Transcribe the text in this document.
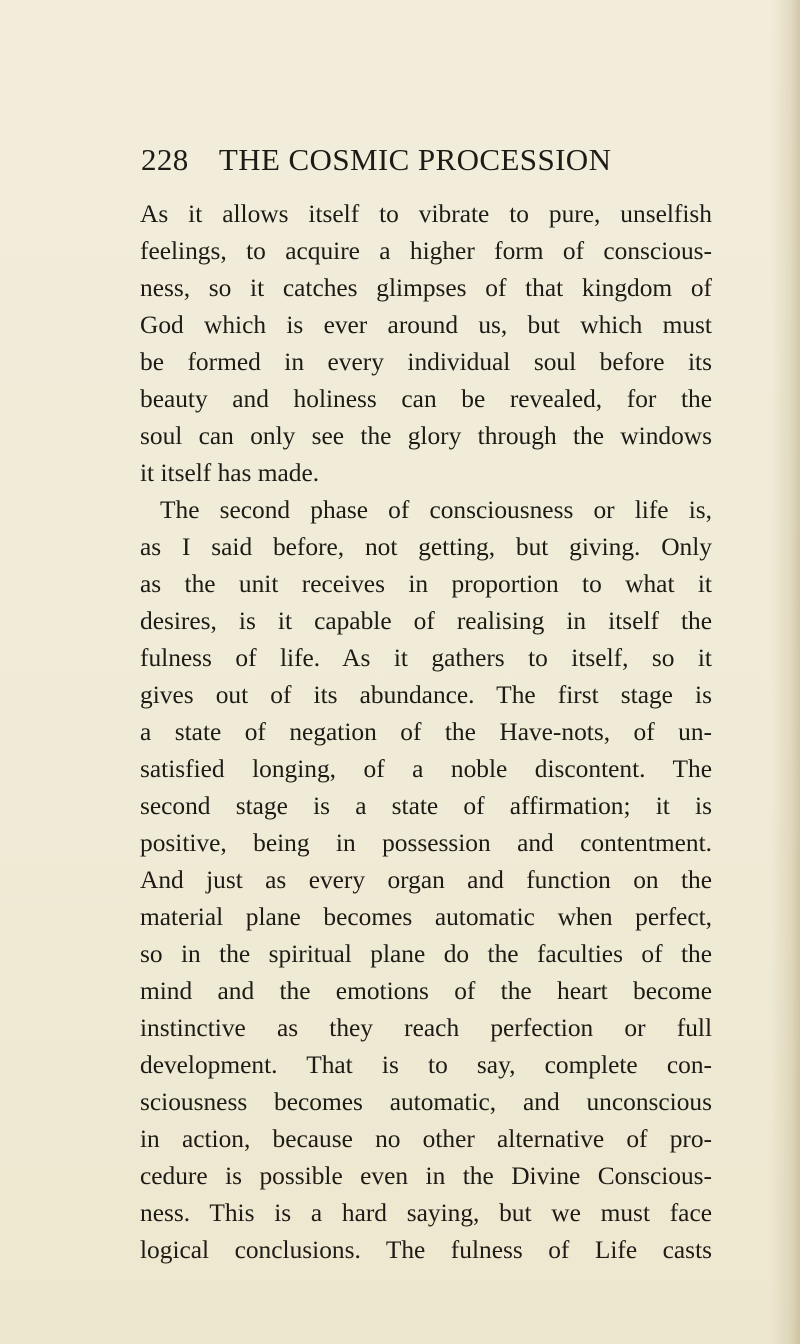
228 THE COSMIC PROCESSION
As it allows itself to vibrate to pure, unselfish
feelings, to acquire a higher form of conscious-
ness, so it catches glimpses of that kingdom of
God which is ever around us, but which must
be formed in every individual soul before its
beauty and holiness can be revealed, for the
soul can only see the glory through the windows
it itself has made.
The second phase of consciousness or life is,
as I said before, not getting, but giving. Only
as the unit receives in proportion to what it
desires, is it capable of realising in itself the
fulness of life. As it gathers to itself, so it
gives out of its abundance. The first stage is
a state of negation of the Have-nots, of un-
satisfied longing, of a noble discontent. The
second stage is a state of affirmation; it is
positive, being in possession and contentment.
And just as every organ and function on the
material plane becomes automatic when perfect,
so in the spiritual plane do the faculties of the
mind and the emotions of the heart become
instinctive as they reach perfection or full
development. That is to say, complete con-
sciousness becomes automatic, and unconscious
in action, because no other alternative of pro-
cedure is possible even in the Divine Conscious-
ness. This is a hard saying, but we must face
logical conclusions. The fulness of Life casts
